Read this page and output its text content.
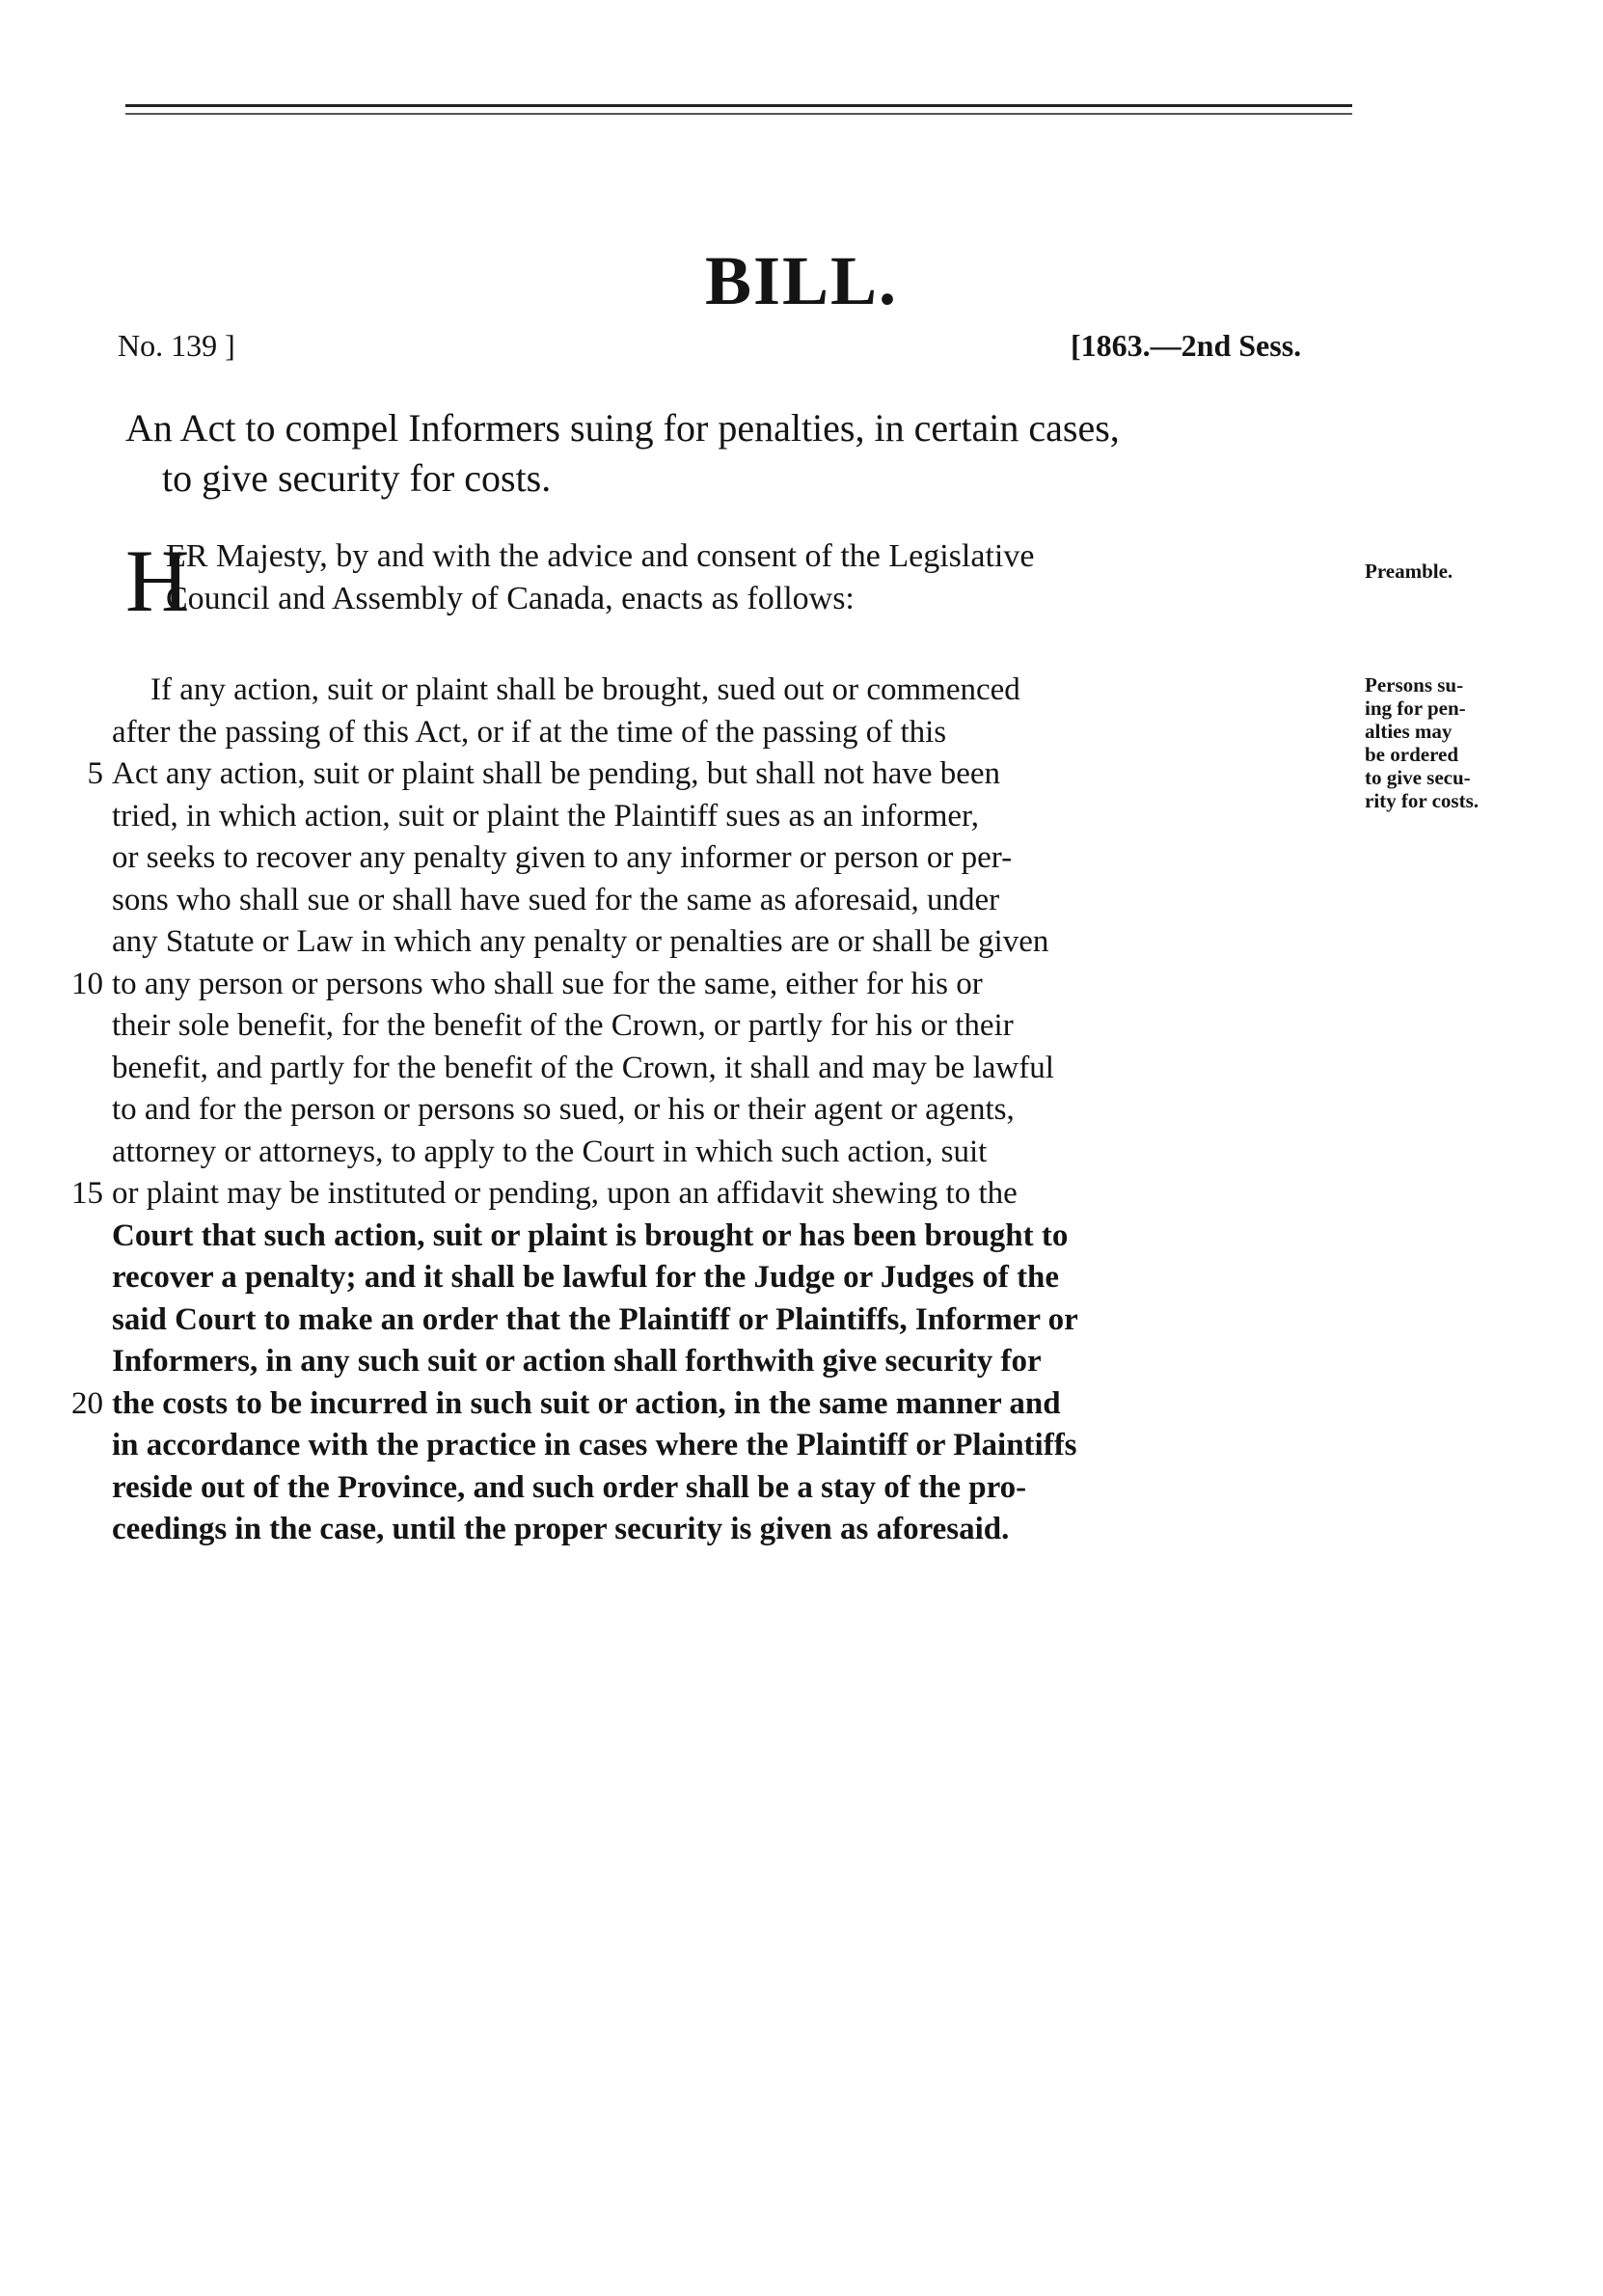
BILL.
No. 139 ]	[1863.—2nd Sess.
An Act to compel Informers suing for penalties, in certain cases,
to give security for costs.
H
ER Majesty, by and with the advice and consent of the Legislative
Council and Assembly of Canada, enacts as follows:
Preamble.
Persons su-
ing for pen-
alties may
be ordered
to give secu-
rity for costs.
If any action, suit or plaint shall be brought, sued out or commenced
after the passing of this Act, or if at the time of the passing of this
5 Act any action, suit or plaint shall be pending, but shall not have been
tried, in which action, suit or plaint the Plaintiff sues as an informer,
or seeks to recover any penalty given to any informer or person or per-
sons who shall sue or shall have sued for the same as aforesaid, under
any Statute or Law in which any penalty or penalties are or shall be given
10 to any person or persons who shall sue for the same, either for his or
their sole benefit, for the benefit of the Crown, or partly for his or their
benefit, and partly for the benefit of the Crown, it shall and may be lawful
to and for the person or persons so sued, or his or their agent or agents,
attorney or attorneys, to apply to the Court in which such action, suit
15 or plaint may be instituted or pending, upon an affidavit shewing to the
Court that such action, suit or plaint is brought or has been brought to
recover a penalty; and it shall be lawful for the Judge or Judges of the
said Court to make an order that the Plaintiff or Plaintiffs, Informer or
Informers, in any such suit or action shall forthwith give security for
20 the costs to be incurred in such suit or action, in the same manner and
in accordance with the practice in cases where the Plaintiff or Plaintiffs
reside out of the Province, and such order shall be a stay of the pro-
ceedings in the case, until the proper security is given as aforesaid.
